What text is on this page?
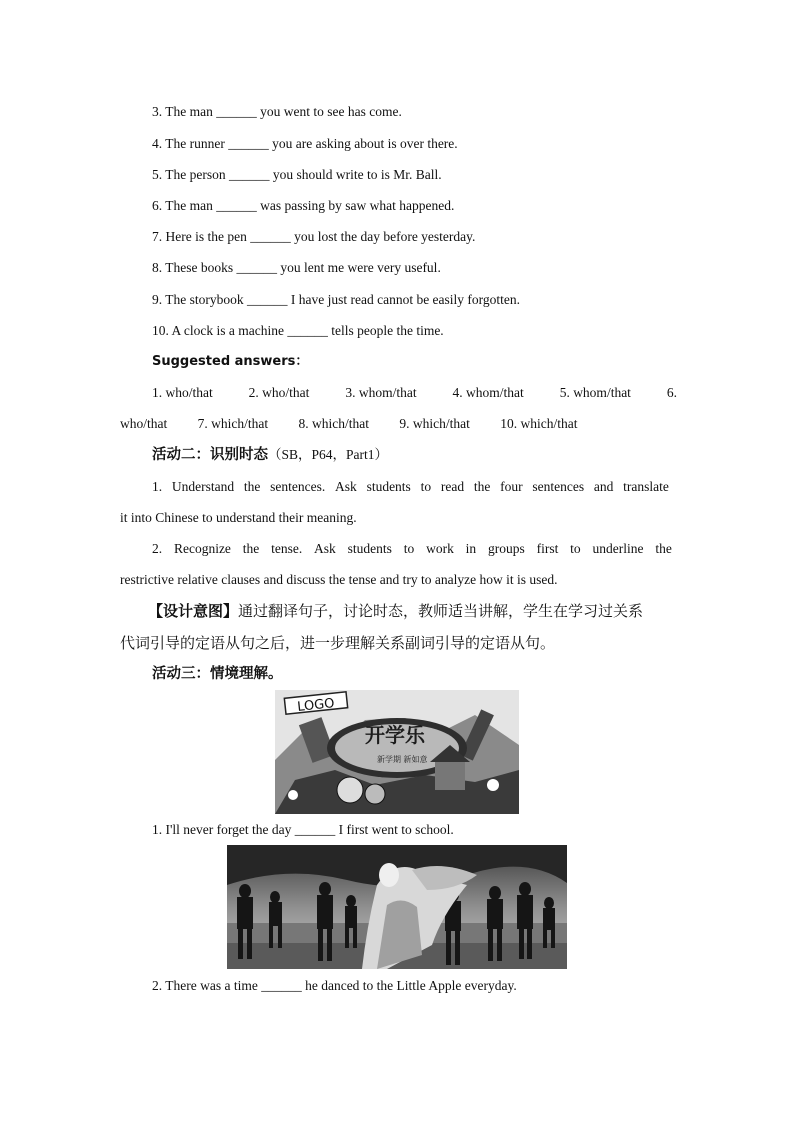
3. The man ______ you went to see has come.
4. The runner ______ you are asking about is over there.
5. The person ______ you should write to is Mr. Ball.
6. The man ______ was passing by saw what happened.
7. Here is the pen ______ you lost the day before yesterday.
8. These books ______ you lent me were very useful.
9. The storybook ______ I have just read cannot be easily forgotten.
10. A clock is a machine ______ tells people the time.
Suggested answers：
1. who/that	2. who/that	3. whom/that	4. whom/that	5. whom/that	6.
who/that 7. which/that 8. which/that 9. which/that 10. which/that
活动二：识别时态（SB，P64，Part1）
1. Understand the sentences. Ask students to read the four sentences and translate
it into Chinese to understand their meaning.
2. Recognize the tense. Ask students to work in groups first to underline the
restrictive relative clauses and discuss the tense and try to analyze how it is used.
【设计意图】通过翻译句子，讨论时态，教师适当讲解，学生在学习过关系
代词引导的定语从句之后，进一步理解关系副词引导的定语从句。
活动三：情境理解。
LOGO
开学乐
新学期 新如意
1. I'll never forget the day ______ I first went to school.
2. There was a time ______ he danced to the Little Apple everyday.
